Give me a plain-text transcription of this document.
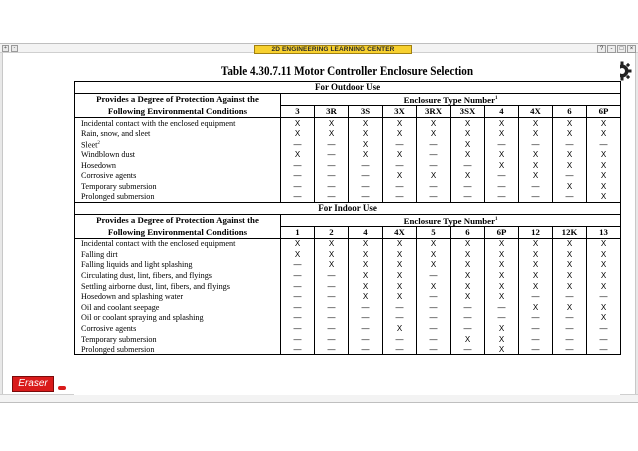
+	-	2D ENGINEERING LEARNING CENTER	?	-	□	×
Eraser
Table 4.30.7.11 Motor Controller Enclosure Selection
For Outdoor Use										
Provides a Degree of Protection Against the	Enclosure Type Number$^1$
Following Environmental Conditions	3	3R	3S	3X	3RX	3SX	4	4X	6	6P
Incidental contact with the enclosed equipment	X	X	X	X	X	X	X	X	X	X
Rain, snow, and sleet	X	X	X	X	X	X	X	X	X	X
Sleet$^2$	—	—	X	—	—	X	—	—	—	—
Windblown dust	X	—	X	X	—	X	X	X	X	X
Hosedown	—	—	—	—	—	—	X	X	X	X
Corrosive agents	—	—	—	X	X	X	—	X	—	X
Temporary submersion	—	—	—	—	—	—	—	—	X	X
Prolonged submersion	—	—	—	—	—	—	—	—	—	X
For Indoor Use										
Provides a Degree of Protection Against the	Enclosure Type Number$^1$
Following Environmental Conditions	1	2	4	4X	5	6	6P	12	12K	13
Incidental contact with the enclosed equipment	X	X	X	X	X	X	X	X	X	X
Falling dirt	X	X	X	X	X	X	X	X	X	X
Falling liquids and light splashing	—	X	X	X	X	X	X	X	X	X
Circulating dust, lint, fibers, and flyings	—	—	X	X	—	X	X	X	X	X
Settling airborne dust, lint, fibers, and flyings	—	—	X	X	X	X	X	X	X	X
Hosedown and splashing water	—	—	X	X	—	X	X	—	—	—
Oil and coolant seepage	—	—	—	—	—	—	—	X	X	X
Oil or coolant spraying and splashing	—	—	—	—	—	—	—	—	—	X
Corrosive agents	—	—	—	X	—	—	X	—	—	—
Temporary submersion	—	—	—	—	—	X	X	—	—	—
Prolonged submersion	—	—	—	—	—	—	X	—	—	—
